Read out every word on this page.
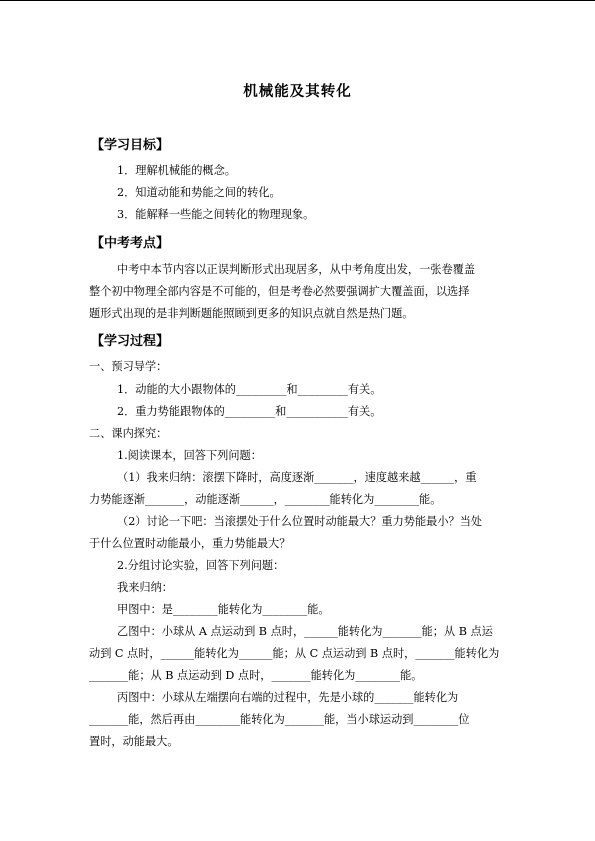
机械能及其转化
【学习目标】
1．理解机械能的概念。
2．知道动能和势能之间的转化。
3．能解释一些能之间转化的物理现象。
【中考考点】
中考中本节内容以正误判断形式出现居多，从中考角度出发，一张卷覆盖
整个初中物理全部内容是不可能的，但是考卷必然要强调扩大覆盖面，以选择
题形式出现的是非判断题能照顾到更多的知识点就自然是热门题。
【学习过程】
一、预习导学：
1．动能的大小跟物体的_________和_________有关。
2．重力势能跟物体的_________和___________有关。
二、课内探究：
1.阅读课本，回答下列问题：
（1）我来归纳：滚摆下降时，高度逐渐_______，速度越来越______，重
力势能逐渐_______，动能逐渐______，________能转化为________能。
（2）讨论一下吧：当滚摆处于什么位置时动能最大？重力势能最小？当处
于什么位置时动能最小，重力势能最大？
2.分组讨论实验，回答下列问题：
我来归纳：
甲图中：是________能转化为________能。
乙图中：小球从 A 点运动到 B 点时，______能转化为_______能；从 B 点运
动到 C 点时，______能转化为______能；从 C 点运动到 B 点时，_______能转化为
_______能；从 B 点运动到 D 点时，_______能转化为________能。
丙图中：小球从左端摆向右端的过程中，先是小球的_______能转化为
_______能，然后再由________能转化为_______能，当小球运动到________位
置时，动能最大。
